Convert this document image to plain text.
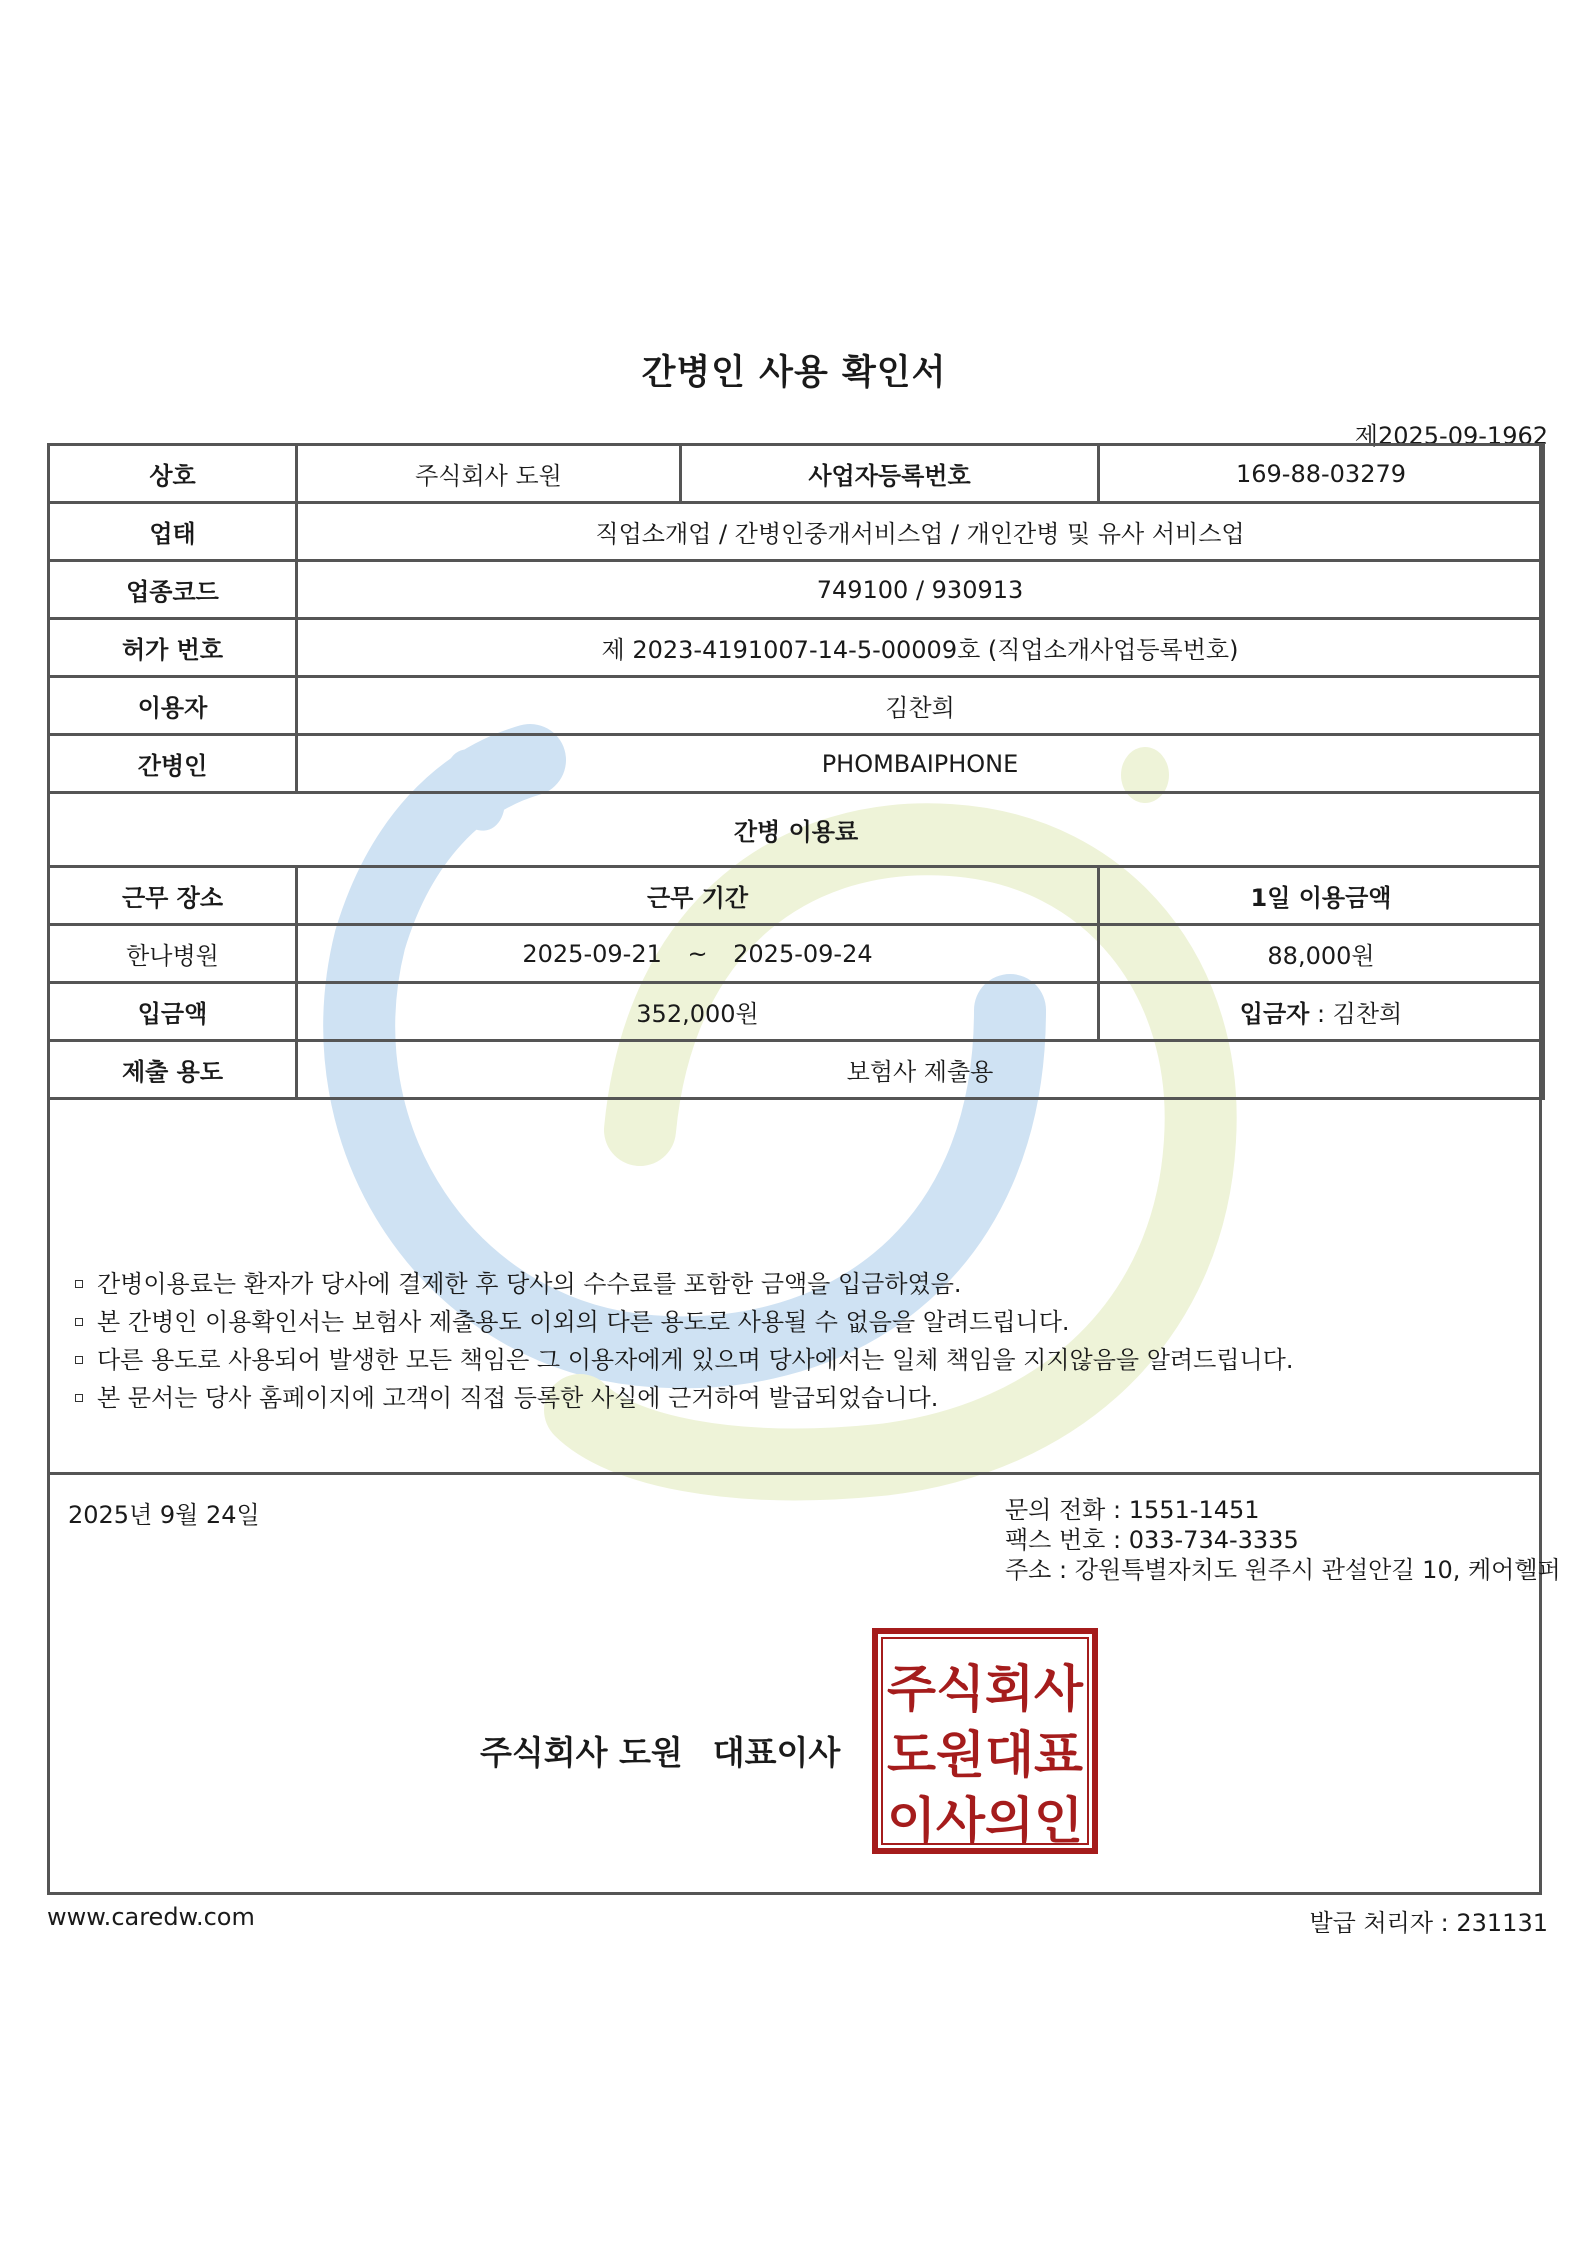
간병인 사용 확인서
제2025-09-1962
상호	주식회사 도원	사업자등록번호	169-88-03279
업태	직업소개업 / 간병인중개서비스업 / 개인간병 및 유사 서비스업		
업종코드	749100 / 930913		
허가 번호	제 2023-4191007-14-5-00009호 (직업소개사업등록번호)		
이용자	김찬희		
간병인	PHOMBAIPHONE		
간병 이용료			
근무 장소	근무 기간		1일 이용금액
한나병원	2025-09-21 ~ 2025-09-24		88,000원
입금액	352,000원		입금자 : 김찬희
제출 용도	보험사 제출용		
간병이용료는 환자가 당사에 결제한 후 당사의 수수료를 포함한 금액을 입금하였음.
본 간병인 이용확인서는 보험사 제출용도 이외의 다른 용도로 사용될 수 없음을 알려드립니다.
다른 용도로 사용되어 발생한 모든 책임은 그 이용자에게 있으며 당사에서는 일체 책임을 지지않음을 알려드립니다.
본 문서는 당사 홈페이지에 고객이 직접 등록한 사실에 근거하여 발급되었습니다.
2025년 9월 24일	문의 전화 : 1551-1451
팩스 번호 : 033-734-3335
주소 : 강원특별자치도 원주시 관설안길 10, 케어헬퍼
주식회사 도원 대표이사
주식회사
도원대표
이사의인
www.caredw.com	발급 처리자 : 231131
